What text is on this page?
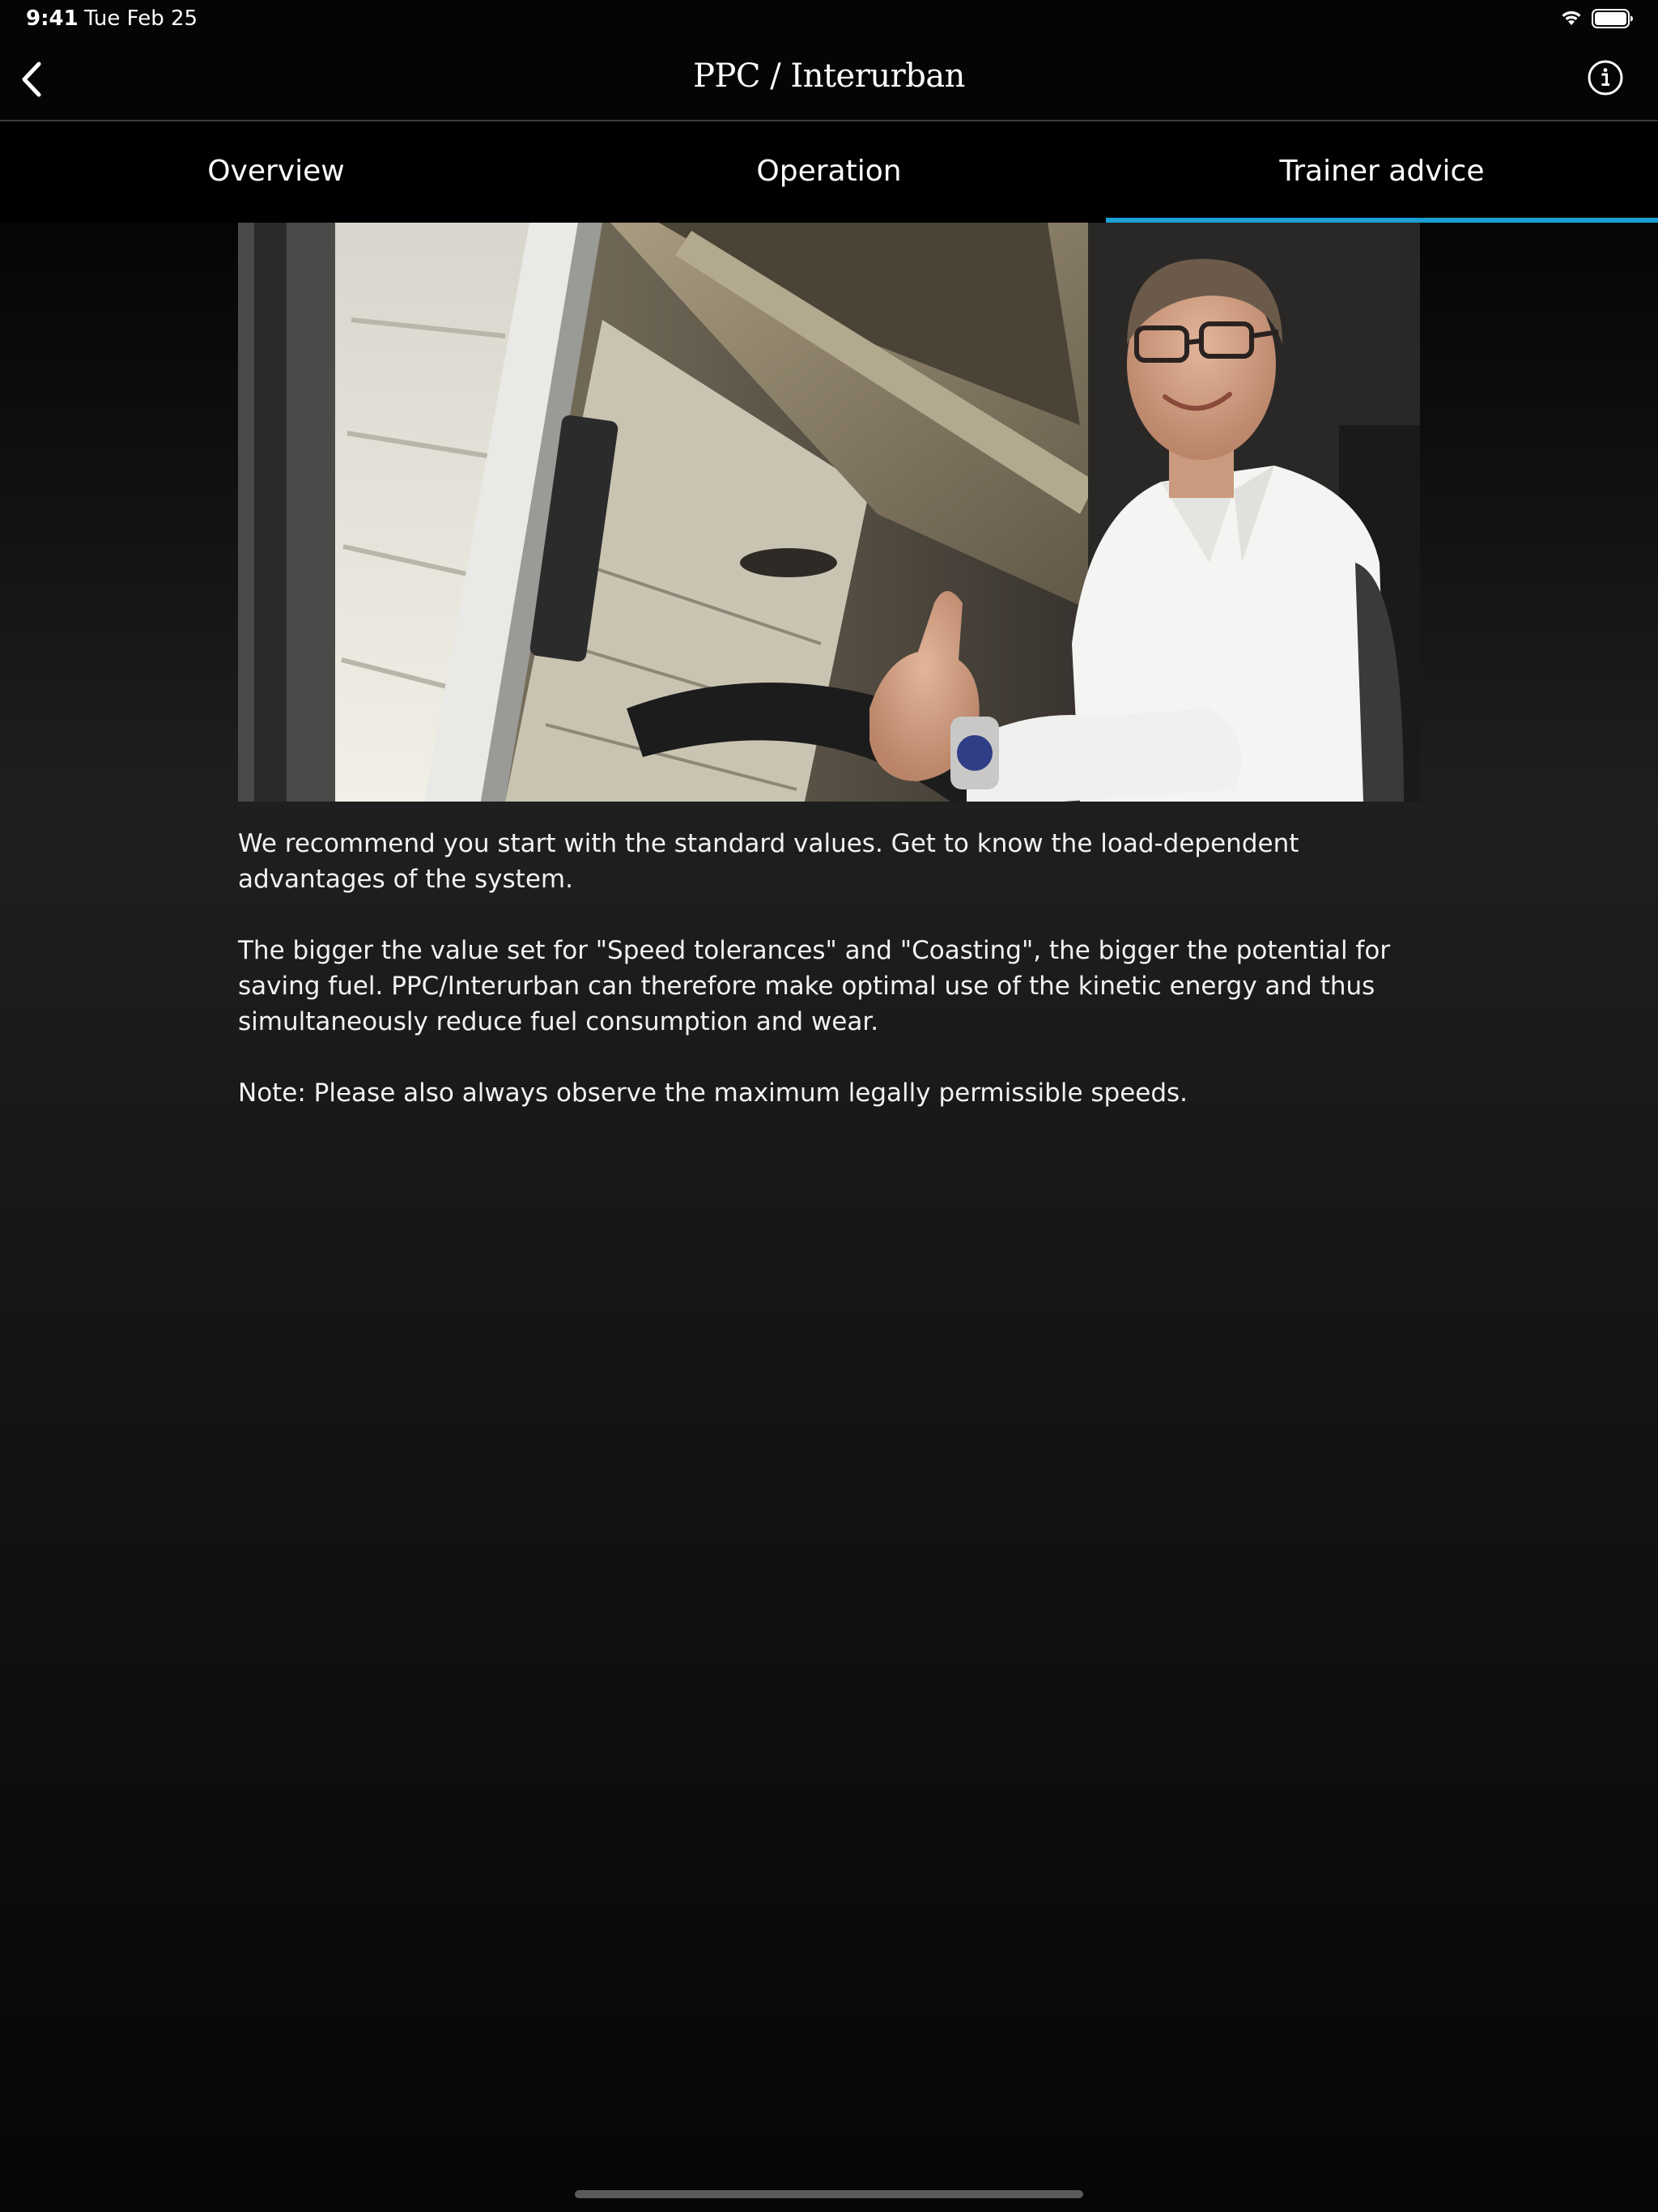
9:41 Tue Feb 25
PPC / Interurban
Overview	Operation	Trainer advice

We recommend you start with the standard values. Get to know the load-dependent advantages of the system.

The bigger the value set for "Speed tolerances" and "Coasting", the bigger the potential for saving fuel. PPC/Interurban can therefore make optimal use of the kinetic energy and thus simultaneously reduce fuel consumption and wear.

Note: Please also always observe the maximum legally permissible speeds.
